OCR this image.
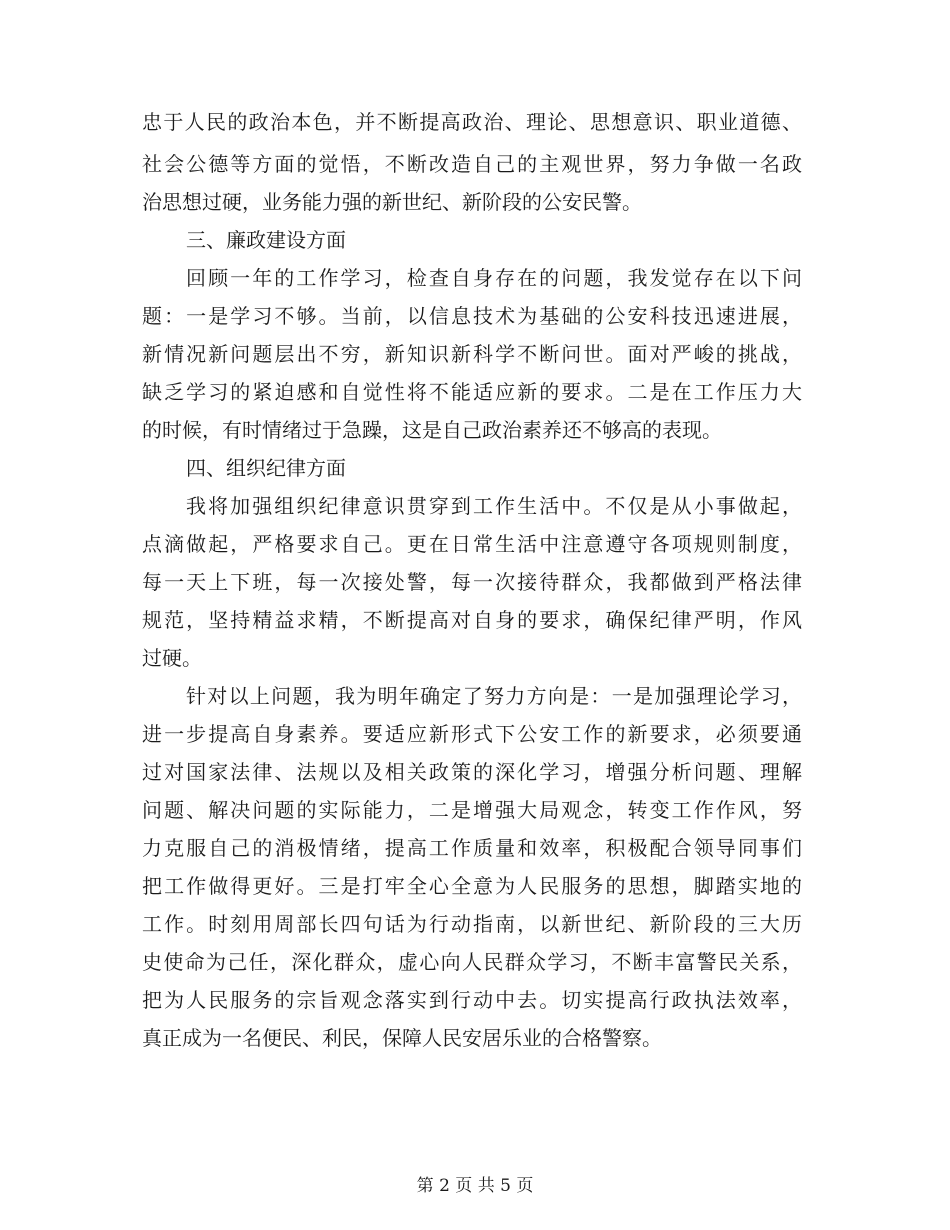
忠于人民的政治本色，并不断提高政治、理论、思想意识、职业道德、
社会公德等方面的觉悟，不断改造自己的主观世界，努力争做一名政
治思想过硬，业务能力强的新世纪、新阶段的公安民警。
三、廉政建设方面
回顾一年的工作学习，检查自身存在的问题，我发觉存在以下问
题：一是学习不够。当前，以信息技术为基础的公安科技迅速进展，
新情况新问题层出不穷，新知识新科学不断问世。面对严峻的挑战，
缺乏学习的紧迫感和自觉性将不能适应新的要求。二是在工作压力大
的时候，有时情绪过于急躁，这是自己政治素养还不够高的表现。
四、组织纪律方面
我将加强组织纪律意识贯穿到工作生活中。不仅是从小事做起，
点滴做起，严格要求自己。更在日常生活中注意遵守各项规则制度，
每一天上下班，每一次接处警，每一次接待群众，我都做到严格法律
规范，坚持精益求精，不断提高对自身的要求，确保纪律严明，作风
过硬。
针对以上问题，我为明年确定了努力方向是：一是加强理论学习，
进一步提高自身素养。要适应新形式下公安工作的新要求，必须要通
过对国家法律、法规以及相关政策的深化学习，增强分析问题、理解
问题、解决问题的实际能力，二是增强大局观念，转变工作作风，努
力克服自己的消极情绪，提高工作质量和效率，积极配合领导同事们
把工作做得更好。三是打牢全心全意为人民服务的思想，脚踏实地的
工作。时刻用周部长四句话为行动指南，以新世纪、新阶段的三大历
史使命为己任，深化群众，虚心向人民群众学习，不断丰富警民关系，
把为人民服务的宗旨观念落实到行动中去。切实提高行政执法效率，
真正成为一名便民、利民，保障人民安居乐业的合格警察。
第 2 页 共 5 页
